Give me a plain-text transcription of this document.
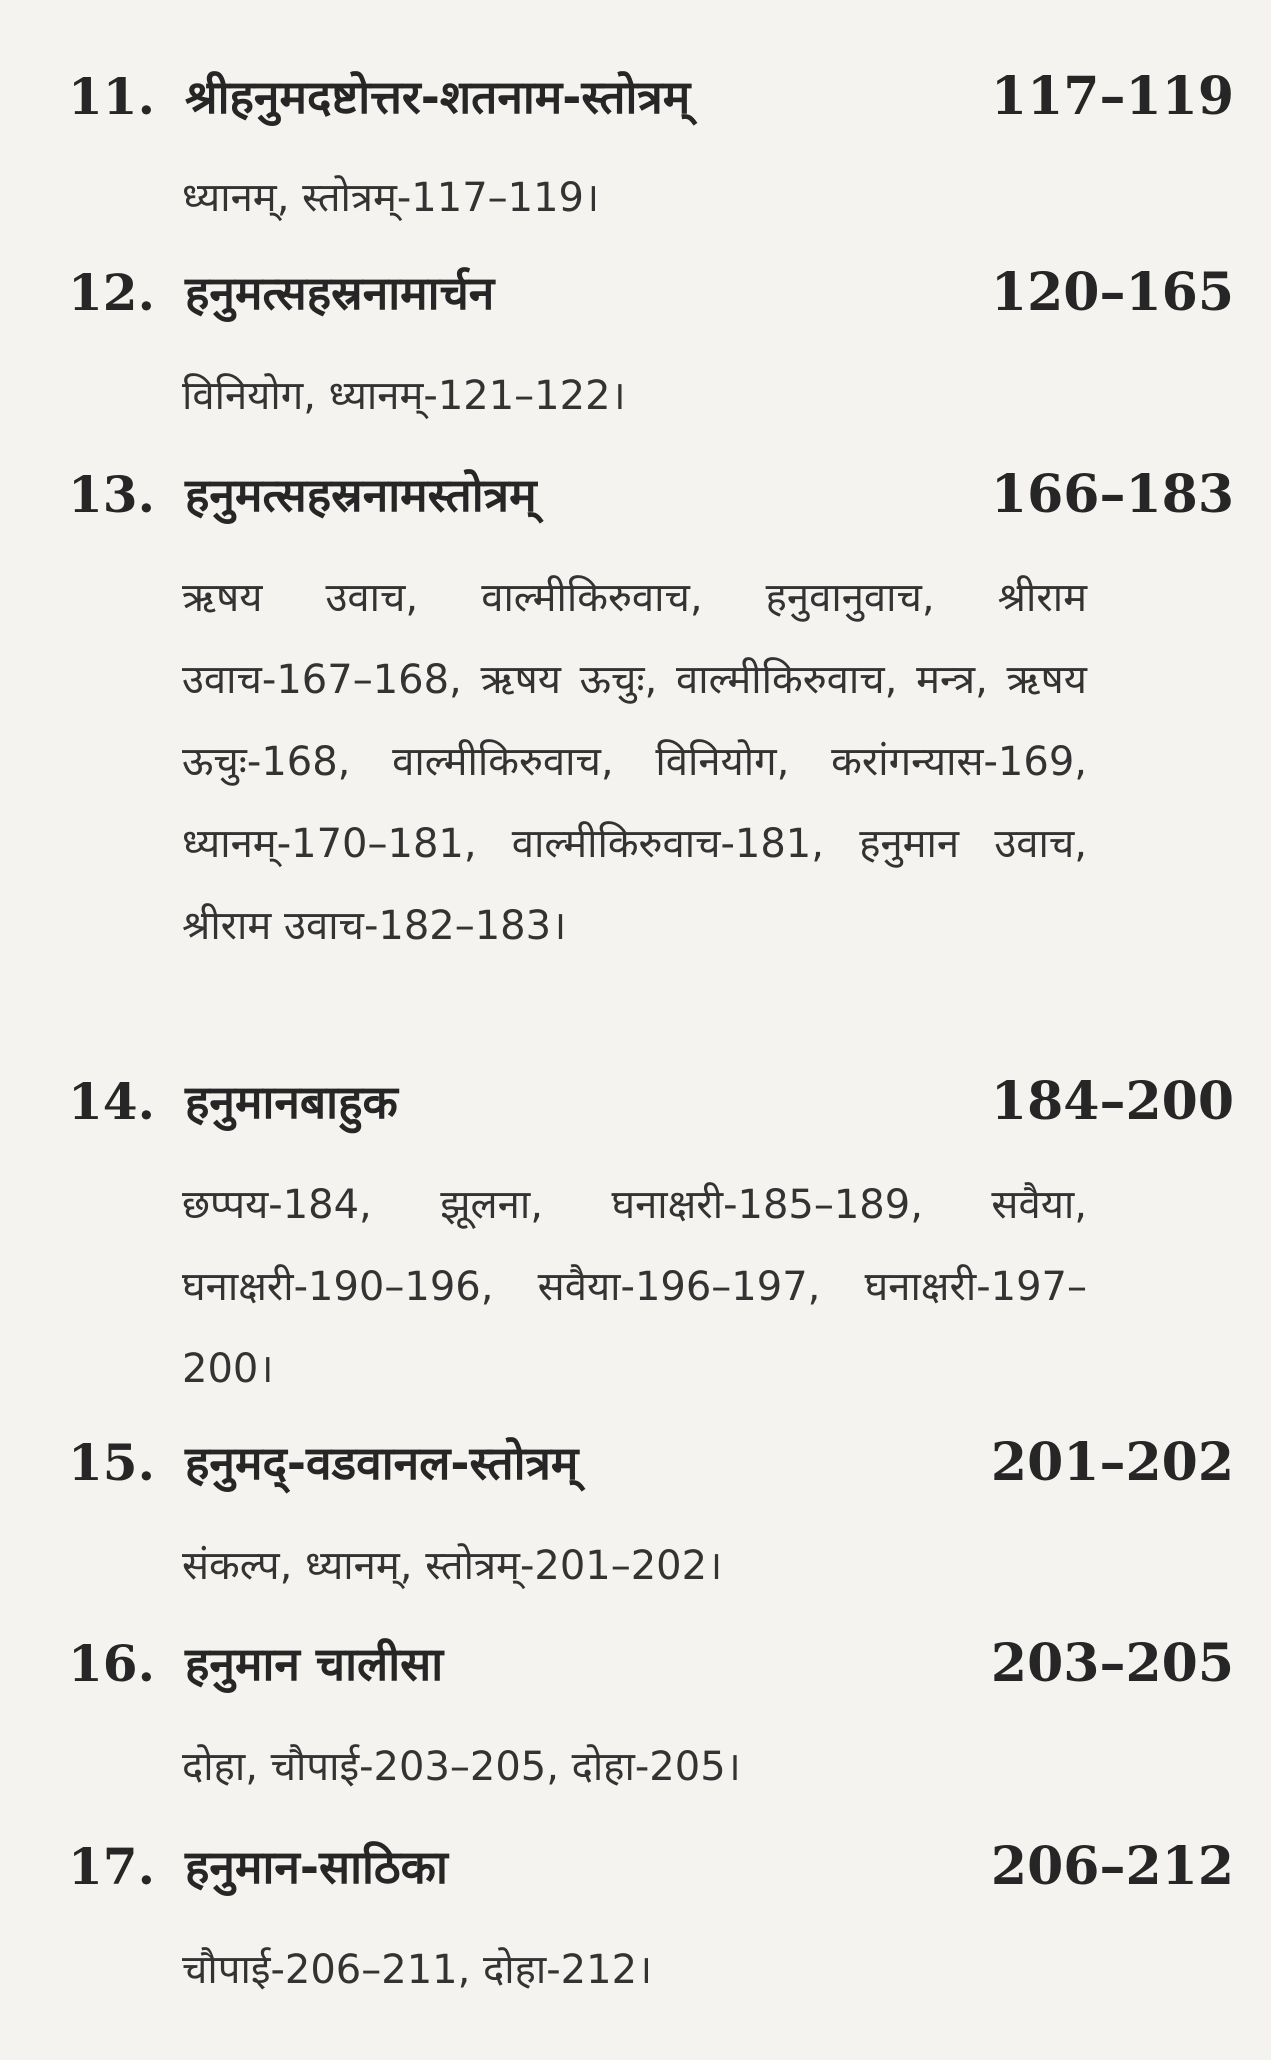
11. श्रीहनुमदष्टोत्तर-शतनाम-स्तोत्रम्	117–119
ध्यानम्, स्तोत्रम्-117–119।
12. हनुमत्सहस्रनामार्चन	120–165
विनियोग, ध्यानम्-121–122।
13. हनुमत्सहस्रनामस्तोत्रम्	166–183
ऋषय उवाच, वाल्मीकिरुवाच, हनुवानुवाच, श्रीराम उवाच-167–168, ऋषय ऊचुः, वाल्मीकिरुवाच, मन्त्र, ऋषय ऊचुः-168, वाल्मीकिरुवाच, विनियोग, करांगन्यास-169, ध्यानम्-170–181, वाल्मीकिरुवाच-181, हनुमान उवाच, श्रीराम उवाच-182–183।
14. हनुमानबाहुक	184–200
छप्पय-184, झूलना, घनाक्षरी-185–189, सवैया, घनाक्षरी-190–196, सवैया-196–197, घनाक्षरी-197–200।
15. हनुमद्-वडवानल-स्तोत्रम्	201–202
संकल्प, ध्यानम्, स्तोत्रम्-201–202।
16. हनुमान चालीसा	203–205
दोहा, चौपाई-203–205, दोहा-205।
17. हनुमान-साठिका	206–212
चौपाई-206–211, दोहा-212।
